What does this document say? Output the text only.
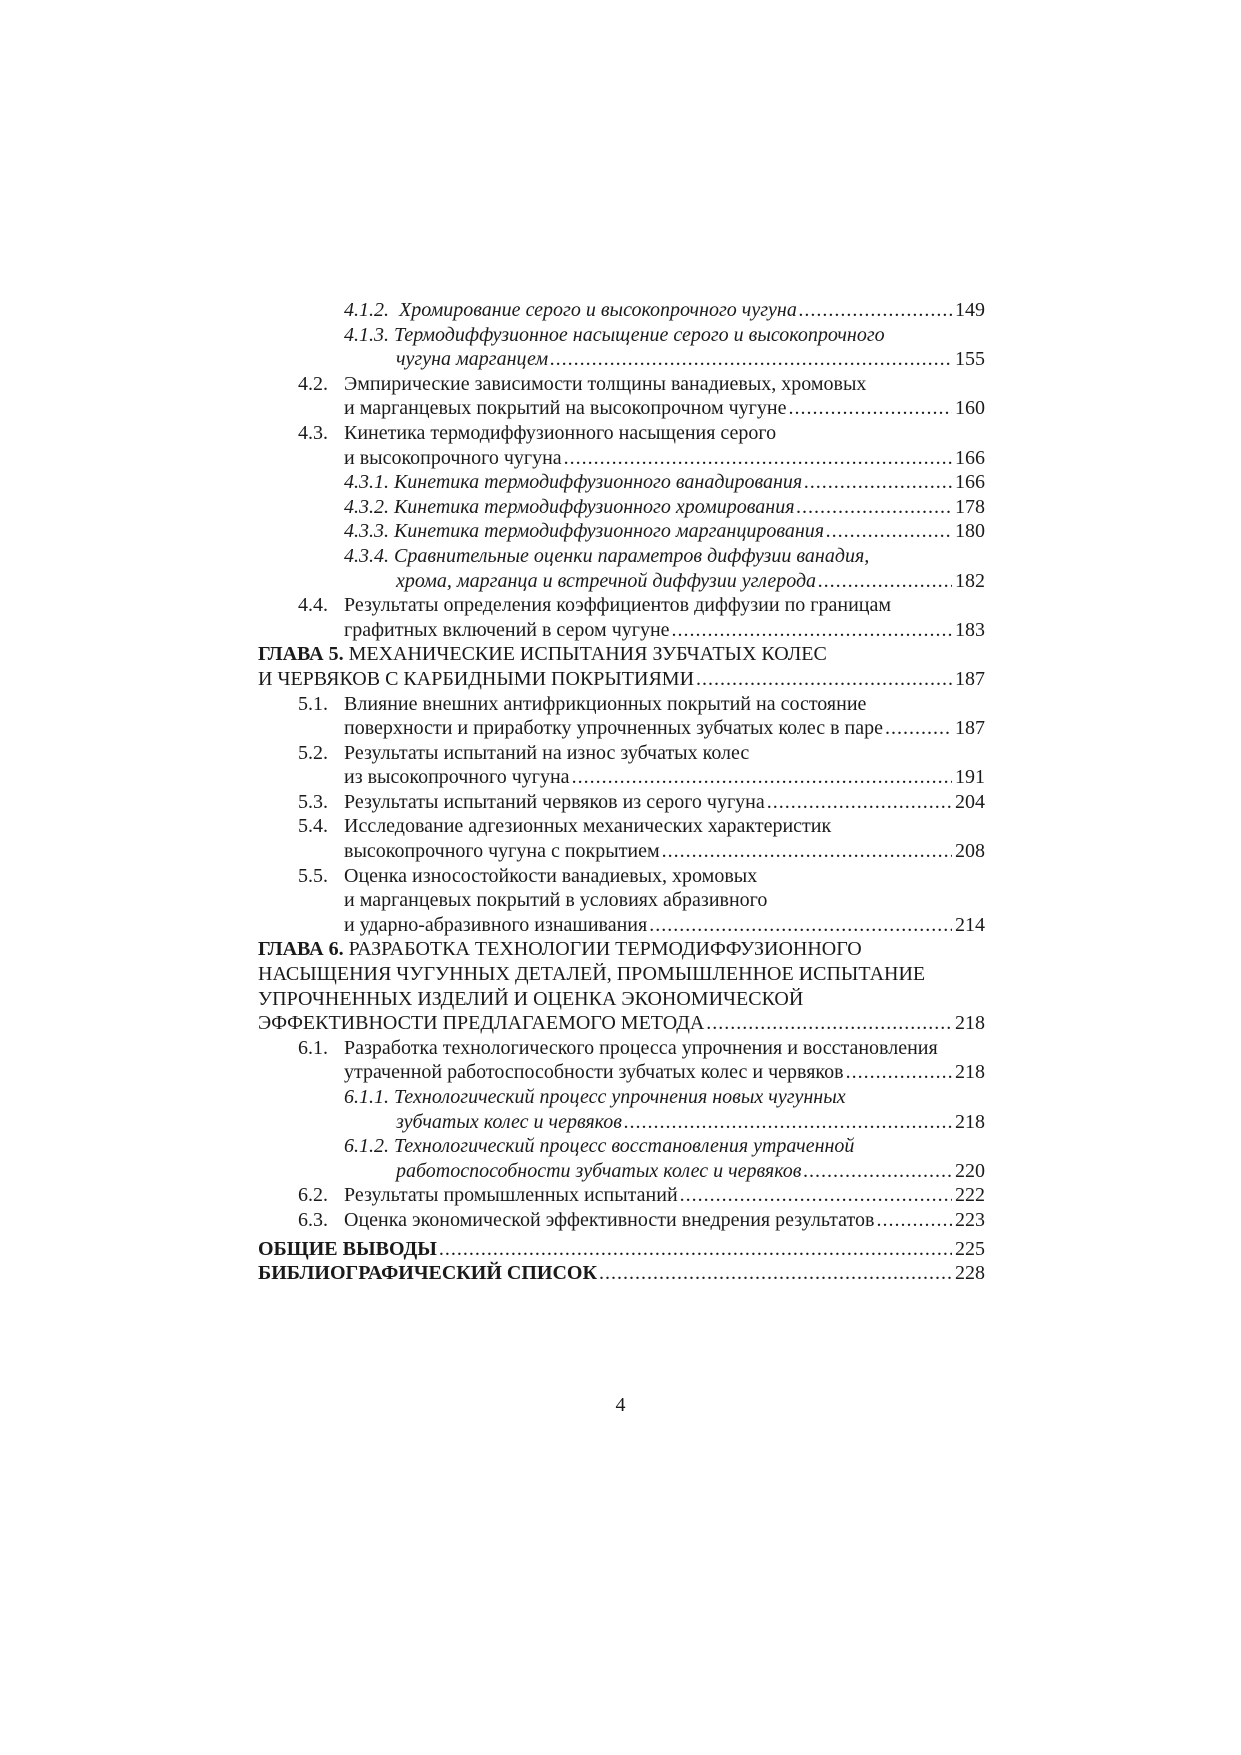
4.1.2. Хромирование серого и высокопрочного чугуна .....	149
4.1.3. Термодиффузионное насыщение серого и высокопрочного
чугуна марганцем .....	155
4.2. Эмпирические зависимости толщины ванадиевых, хромовых
и марганцевых покрытий на высокопрочном чугуне .....	160
4.3. Кинетика термодиффузионного насыщения серого
и высокопрочного чугуна .....	166
4.3.1. Кинетика термодиффузионного ванадирования .....	166
4.3.2. Кинетика термодиффузионного хромирования .....	178
4.3.3. Кинетика термодиффузионного марганцирования .....	180
4.3.4. Сравнительные оценки параметров диффузии ванадия,
хрома, марганца и встречной диффузии углерода .....	182
4.4. Результаты определения коэффициентов диффузии по границам
графитных включений в сером чугуне .....	183
ГЛАВА 5. МЕХАНИЧЕСКИЕ ИСПЫТАНИЯ ЗУБЧАТЫХ КОЛЕС
И ЧЕРВЯКОВ С КАРБИДНЫМИ ПОКРЫТИЯМИ .....	187
5.1. Влияние внешних антифрикционных покрытий на состояние
поверхности и приработку упрочненных зубчатых колес в паре .....	187
5.2. Результаты испытаний на износ зубчатых колес
из высокопрочного чугуна .....	191
5.3. Результаты испытаний червяков из серого чугуна .....	204
5.4. Исследование адгезионных механических характеристик
высокопрочного чугуна с покрытием .....	208
5.5. Оценка износостойкости ванадиевых, хромовых
и марганцевых покрытий в условиях абразивного
и ударно-абразивного изнашивания .....	214
ГЛАВА 6. РАЗРАБОТКА ТЕХНОЛОГИИ ТЕРМОДИФФУЗИОННОГО
НАСЫЩЕНИЯ ЧУГУННЫХ ДЕТАЛЕЙ, ПРОМЫШЛЕННОЕ ИСПЫТАНИЕ
УПРОЧНЕННЫХ ИЗДЕЛИЙ И ОЦЕНКА ЭКОНОМИЧЕСКОЙ
ЭФФЕКТИВНОСТИ ПРЕДЛАГАЕМОГО МЕТОДА .....	218
6.1. Разработка технологического процесса упрочнения и восстановления
утраченной работоспособности зубчатых колес и червяков .....	218
6.1.1. Технологический процесс упрочнения новых чугунных
зубчатых колес и червяков .....	218
6.1.2. Технологический процесс восстановления утраченной
работоспособности зубчатых колес и червяков .....	220
6.2. Результаты промышленных испытаний .....	222
6.3. Оценка экономической эффективности внедрения результатов .....	223
ОБЩИЕ ВЫВОДЫ .....	225
БИБЛИОГРАФИЧЕСКИЙ СПИСОК .....	228
4
